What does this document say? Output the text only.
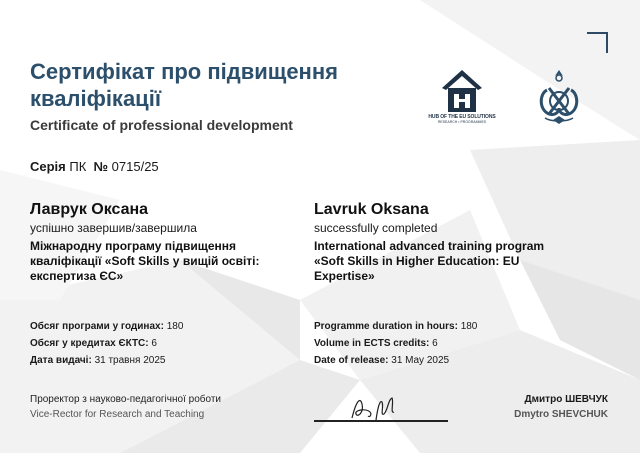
Сертифікат про підвищення кваліфікації
Certificate of professional development	HUB OF THE EU SOLUTIONS
RESEARCH • PROGRAMMES
Серія ПК № 0715/25
Лаврук Оксана
успішно завершив/завершила
Міжнародну програму підвищення кваліфікації «Soft Skills у вищій освіті: експертиза ЄС»
Lavruk Oksana
successfully completed
International advanced training program «Soft Skills in Higher Education: EU Expertise»
Обсяг програми у годинах: 180
Обсяг у кредитах ЄКТС: 6
Дата видачі: 31 травня 2025
Programme duration in hours: 180
Volume in ECTS credits: 6
Date of release: 31 May 2025
Проректор з науково-педагогічної роботи
Vice-Rector for Research and Teaching
Дмитро ШЕВЧУК
Dmytro SHEVCHUK
